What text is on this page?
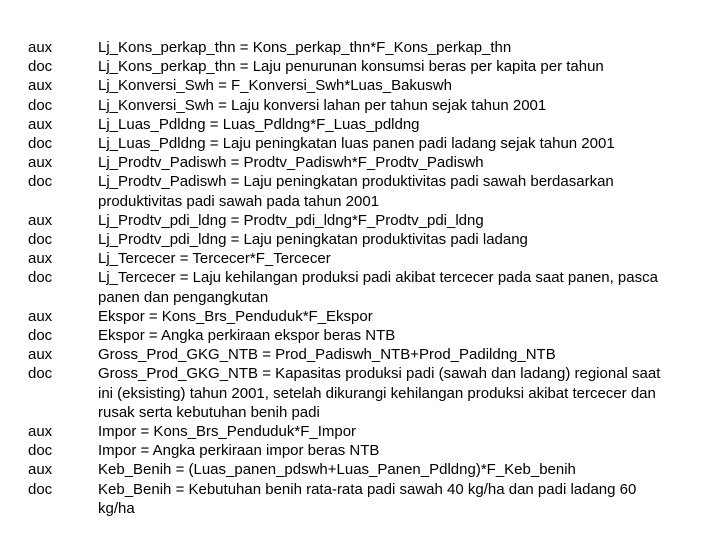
aux	Lj_Kons_perkap_thn = Kons_perkap_thn*F_Kons_perkap_thn
doc	Lj_Kons_perkap_thn = Laju penurunan konsumsi beras per kapita per tahun
aux	Lj_Konversi_Swh = F_Konversi_Swh*Luas_Bakuswh
doc	Lj_Konversi_Swh = Laju konversi lahan per tahun sejak tahun 2001
aux	Lj_Luas_Pdldng = Luas_Pdldng*F_Luas_pdldng
doc	Lj_Luas_Pdldng = Laju peningkatan luas panen padi ladang sejak tahun 2001
aux	Lj_Prodtv_Padiswh = Prodtv_Padiswh*F_Prodtv_Padiswh
doc	Lj_Prodtv_Padiswh = Laju peningkatan produktivitas padi sawah berdasarkan
produktivitas padi sawah pada tahun 2001
aux	Lj_Prodtv_pdi_ldng = Prodtv_pdi_ldng*F_Prodtv_pdi_ldng
doc	Lj_Prodtv_pdi_ldng = Laju peningkatan produktivitas padi ladang
aux	Lj_Tercecer = Tercecer*F_Tercecer
doc	Lj_Tercecer = Laju kehilangan produksi padi akibat tercecer pada saat panen, pasca
panen dan pengangkutan
aux	Ekspor = Kons_Brs_Penduduk*F_Ekspor
doc	Ekspor = Angka perkiraan ekspor beras NTB
aux	Gross_Prod_GKG_NTB = Prod_Padiswh_NTB+Prod_Padildng_NTB
doc	Gross_Prod_GKG_NTB = Kapasitas produksi padi (sawah dan ladang) regional saat
ini (eksisting) tahun 2001, setelah dikurangi kehilangan produksi akibat tercecer dan
rusak serta kebutuhan benih padi
aux	Impor = Kons_Brs_Penduduk*F_Impor
doc	Impor = Angka perkiraan impor beras NTB
aux	Keb_Benih = (Luas_panen_pdswh+Luas_Panen_Pdldng)*F_Keb_benih
doc	Keb_Benih = Kebutuhan benih rata-rata padi sawah 40 kg/ha dan padi ladang 60
kg/ha
